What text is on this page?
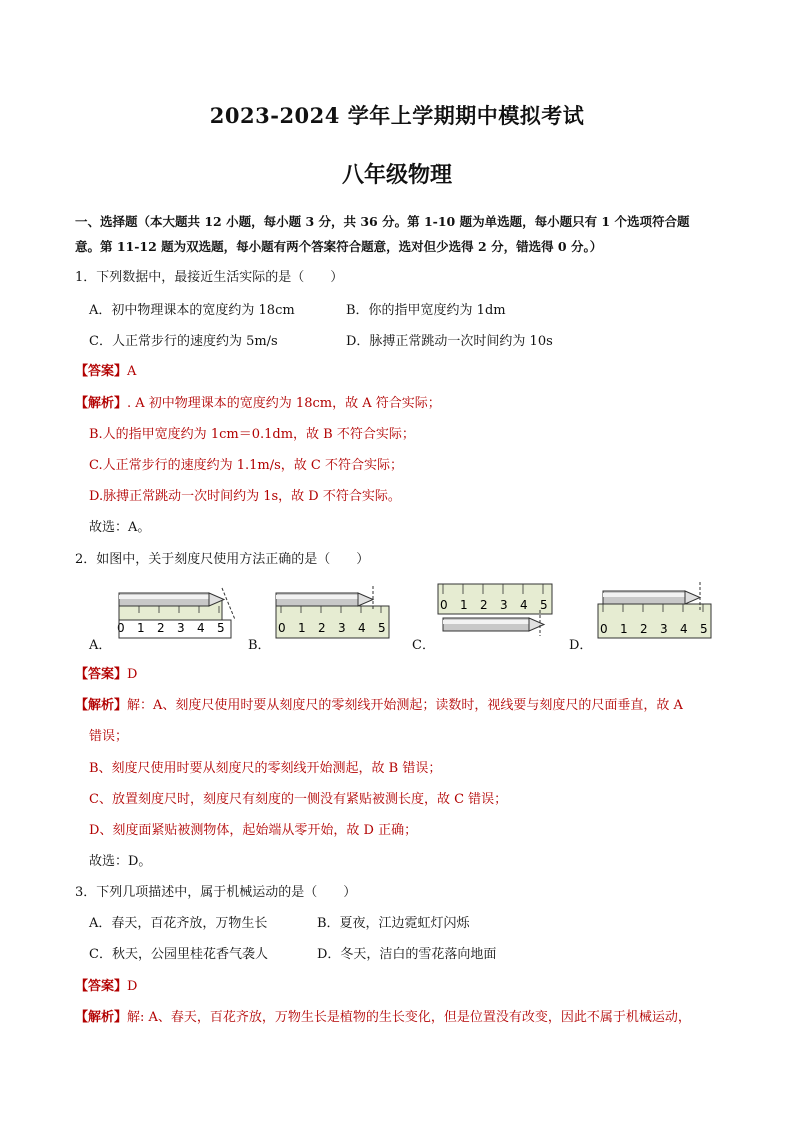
2023-2024 学年上学期期中模拟考试
八年级物理
一、选择题（本大题共 12 小题，每小题 3 分，共 36 分。第 1-10 题为单选题，每小题只有 1 个选项符合题
意。第 11-12 题为双选题，每小题有两个答案符合题意，选对但少选得 2 分，错选得 0 分。）
1．下列数据中，最接近生活实际的是（　　）
A．初中物理课本的宽度约为 18cm	B．你的指甲宽度约为 1dm
C．人正常步行的速度约为 5m/s	D．脉搏正常跳动一次时间约为 10s
【答案】A
【解析】. A 初中物理课本的宽度约为 18cm，故 A 符合实际；
B.人的指甲宽度约为 1cm＝0.1dm，故 B 不符合实际；
C.人正常步行的速度约为 1.1m/s，故 C 不符合实际；
D.脉搏正常跳动一次时间约为 1s，故 D 不符合实际。
故选：A。
2．如图中，关于刻度尺使用方法正确的是（　　）
A．
0 1 2 3 4 5
B．
0 1 2 3 4 5
C．
0 1 2 3 4 5
D．
0 1 2 3 4 5
【答案】D
【解析】解：A、刻度尺使用时要从刻度尺的零刻线开始测起；读数时，视线要与刻度尺的尺面垂直，故 A
错误；
B、刻度尺使用时要从刻度尺的零刻线开始测起，故 B 错误；
C、放置刻度尺时，刻度尺有刻度的一侧没有紧贴被测长度，故 C 错误；
D、刻度面紧贴被测物体，起始端从零开始，故 D 正确；
故选：D。
3．下列几项描述中，属于机械运动的是（　　）
A．春天，百花齐放，万物生长	B．夏夜，江边霓虹灯闪烁
C．秋天，公园里桂花香气袭人	D．冬天，洁白的雪花落向地面
【答案】D
【解析】解: A、春天，百花齐放，万物生长是植物的生长变化，但是位置没有改变，因此不属于机械运动，
